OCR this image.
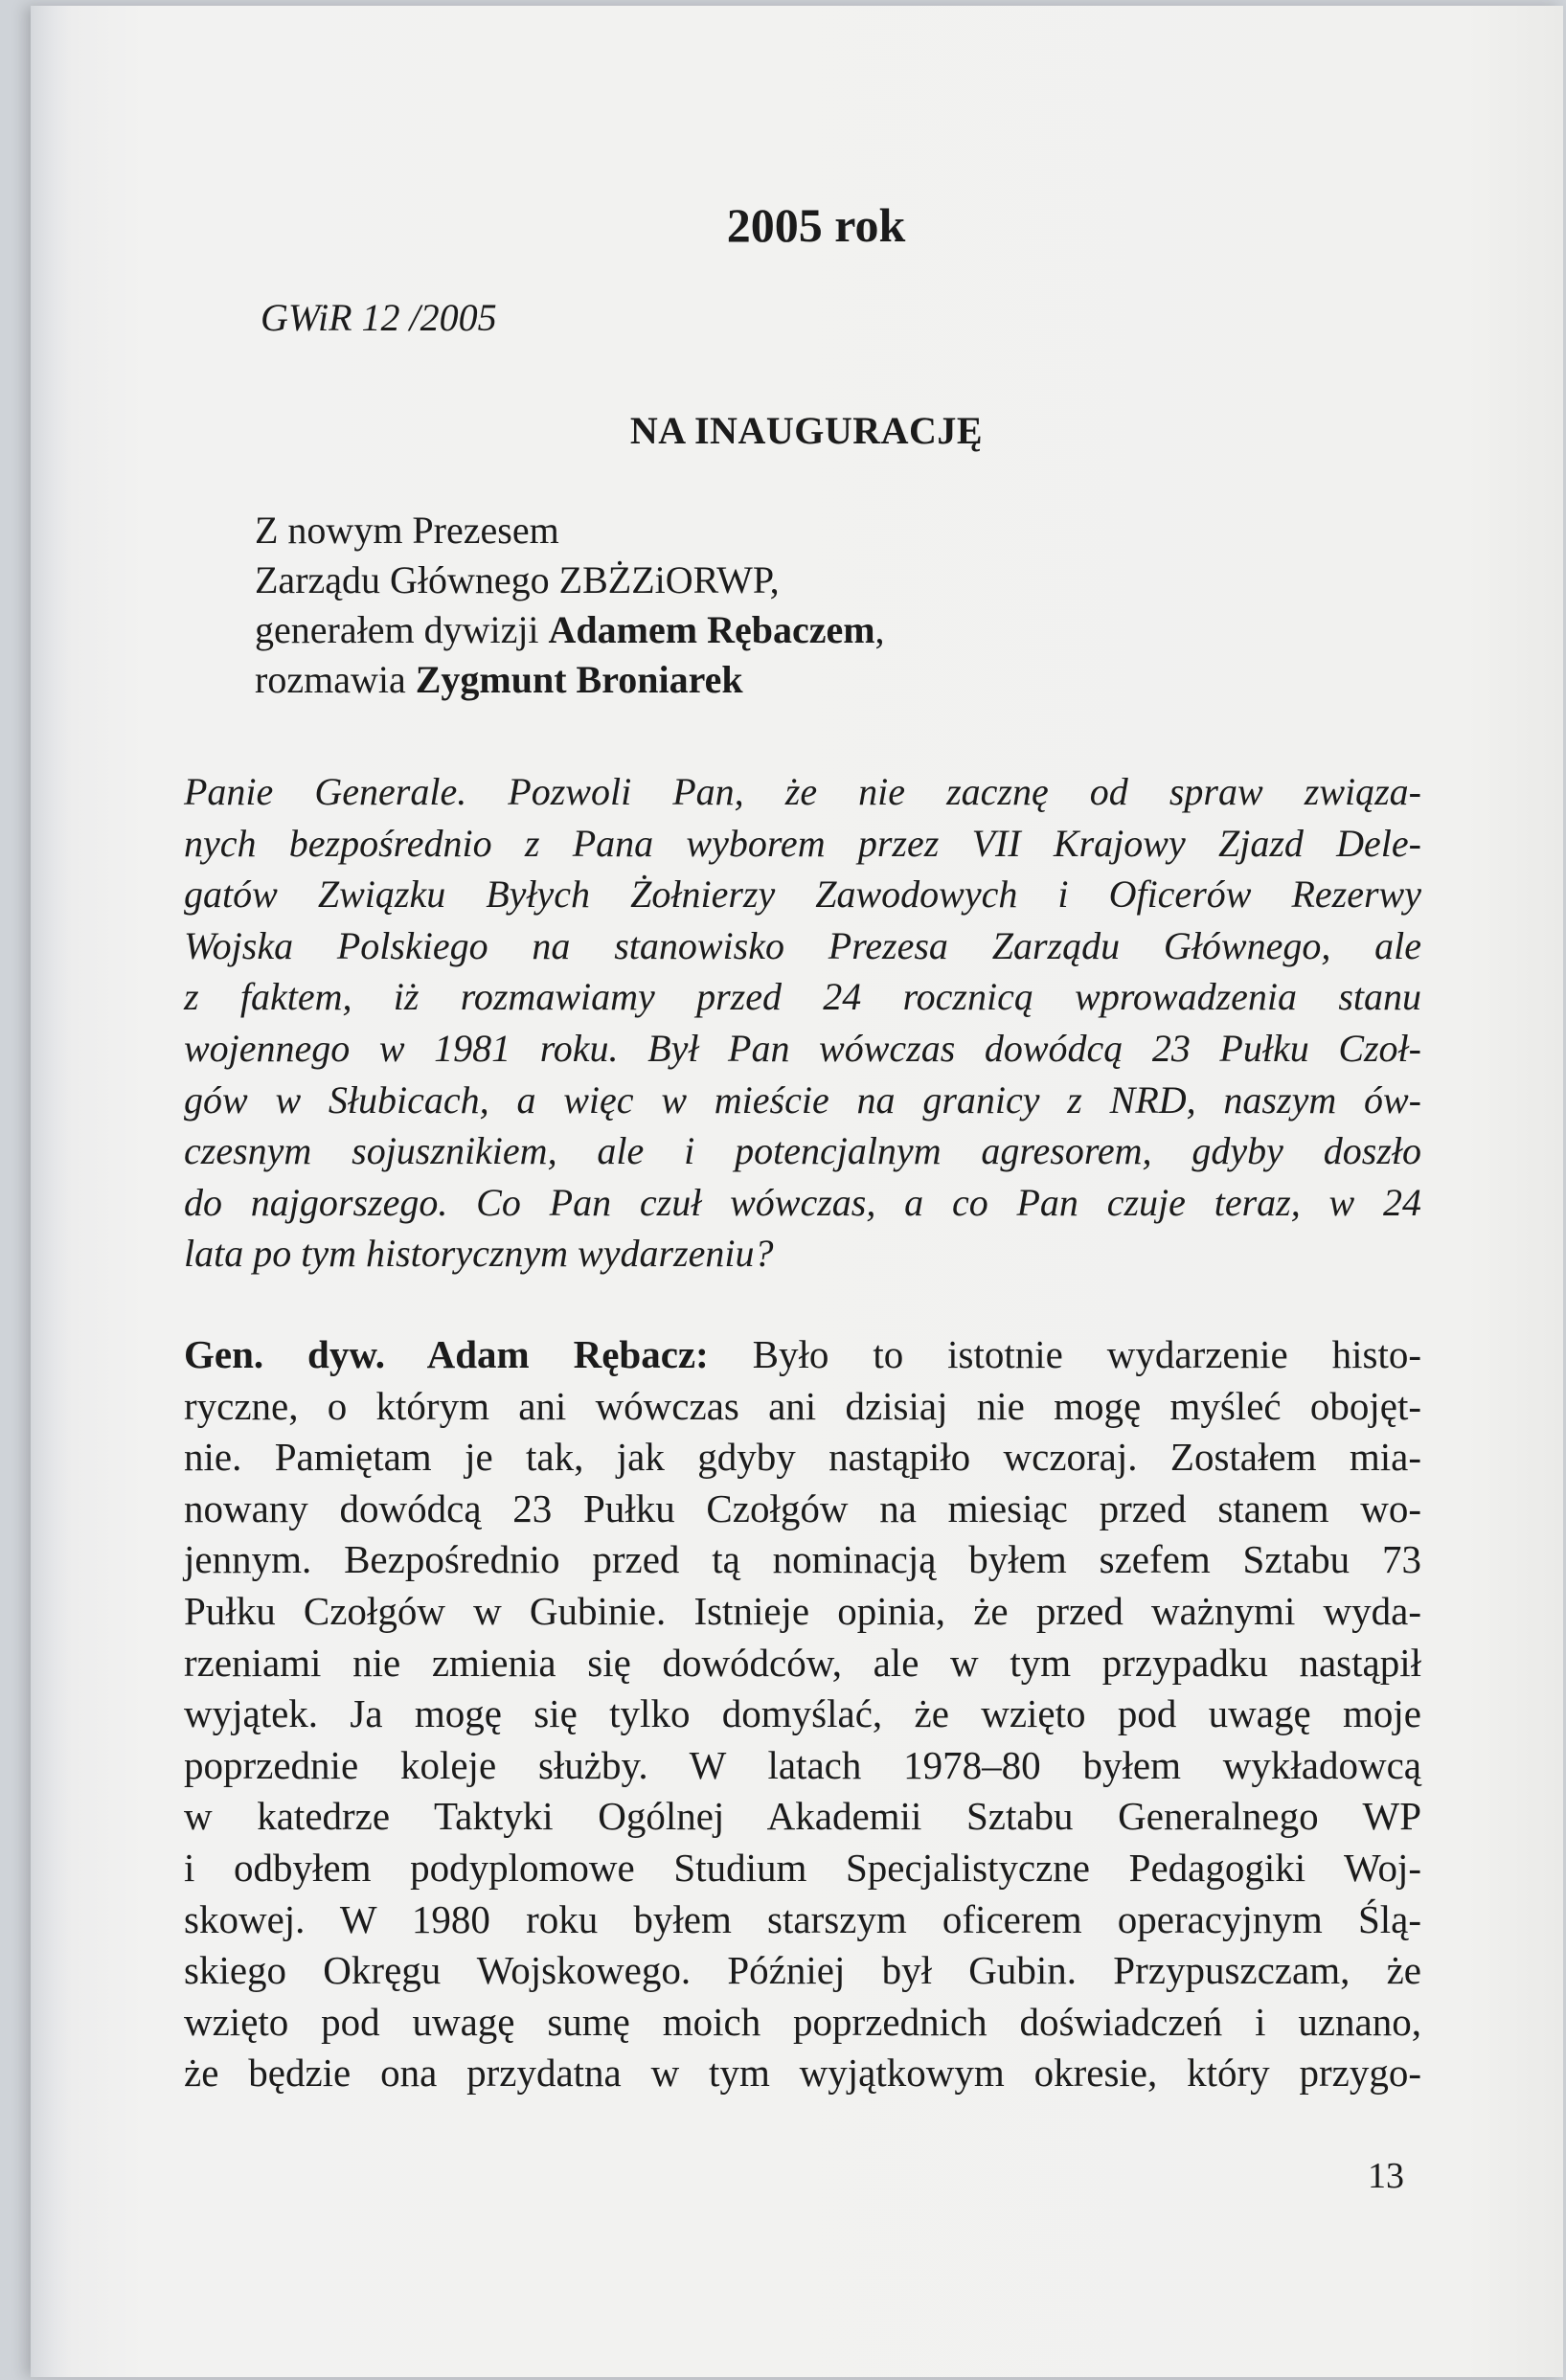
2005 rok
GWiR 12 /2005
NA INAUGURACJĘ
Z nowym Prezesem
Zarządu Głównego ZBŻZiORWP,
generałem dywizji Adamem Rębaczem,
rozmawia Zygmunt Broniarek
Panie Generale. Pozwoli Pan, że nie zacznę od spraw związa-
nych bezpośrednio z Pana wyborem przez VII Krajowy Zjazd Dele-
gatów Związku Byłych Żołnierzy Zawodowych i Oficerów Rezerwy
Wojska Polskiego na stanowisko Prezesa Zarządu Głównego, ale
z faktem, iż rozmawiamy przed 24 rocznicą wprowadzenia stanu
wojennego w 1981 roku. Był Pan wówczas dowódcą 23 Pułku Czoł-
gów w Słubicach, a więc w mieście na granicy z NRD, naszym ów-
czesnym sojusznikiem, ale i potencjalnym agresorem, gdyby doszło
do najgorszego. Co Pan czuł wówczas, a co Pan czuje teraz, w 24
lata po tym historycznym wydarzeniu?
Gen. dyw. Adam Rębacz: Było to istotnie wydarzenie histo-
ryczne, o którym ani wówczas ani dzisiaj nie mogę myśleć obojęt-
nie. Pamiętam je tak, jak gdyby nastąpiło wczoraj. Zostałem mia-
nowany dowódcą 23 Pułku Czołgów na miesiąc przed stanem wo-
jennym. Bezpośrednio przed tą nominacją byłem szefem Sztabu 73
Pułku Czołgów w Gubinie. Istnieje opinia, że przed ważnymi wyda-
rzeniami nie zmienia się dowódców, ale w tym przypadku nastąpił
wyjątek. Ja mogę się tylko domyślać, że wzięto pod uwagę moje
poprzednie koleje służby. W latach 1978–80 byłem wykładowcą
w katedrze Taktyki Ogólnej Akademii Sztabu Generalnego WP
i odbyłem podyplomowe Studium Specjalistyczne Pedagogiki Woj-
skowej. W 1980 roku byłem starszym oficerem operacyjnym Ślą-
skiego Okręgu Wojskowego. Później był Gubin. Przypuszczam, że
wzięto pod uwagę sumę moich poprzednich doświadczeń i uznano,
że będzie ona przydatna w tym wyjątkowym okresie, który przygo-
13
